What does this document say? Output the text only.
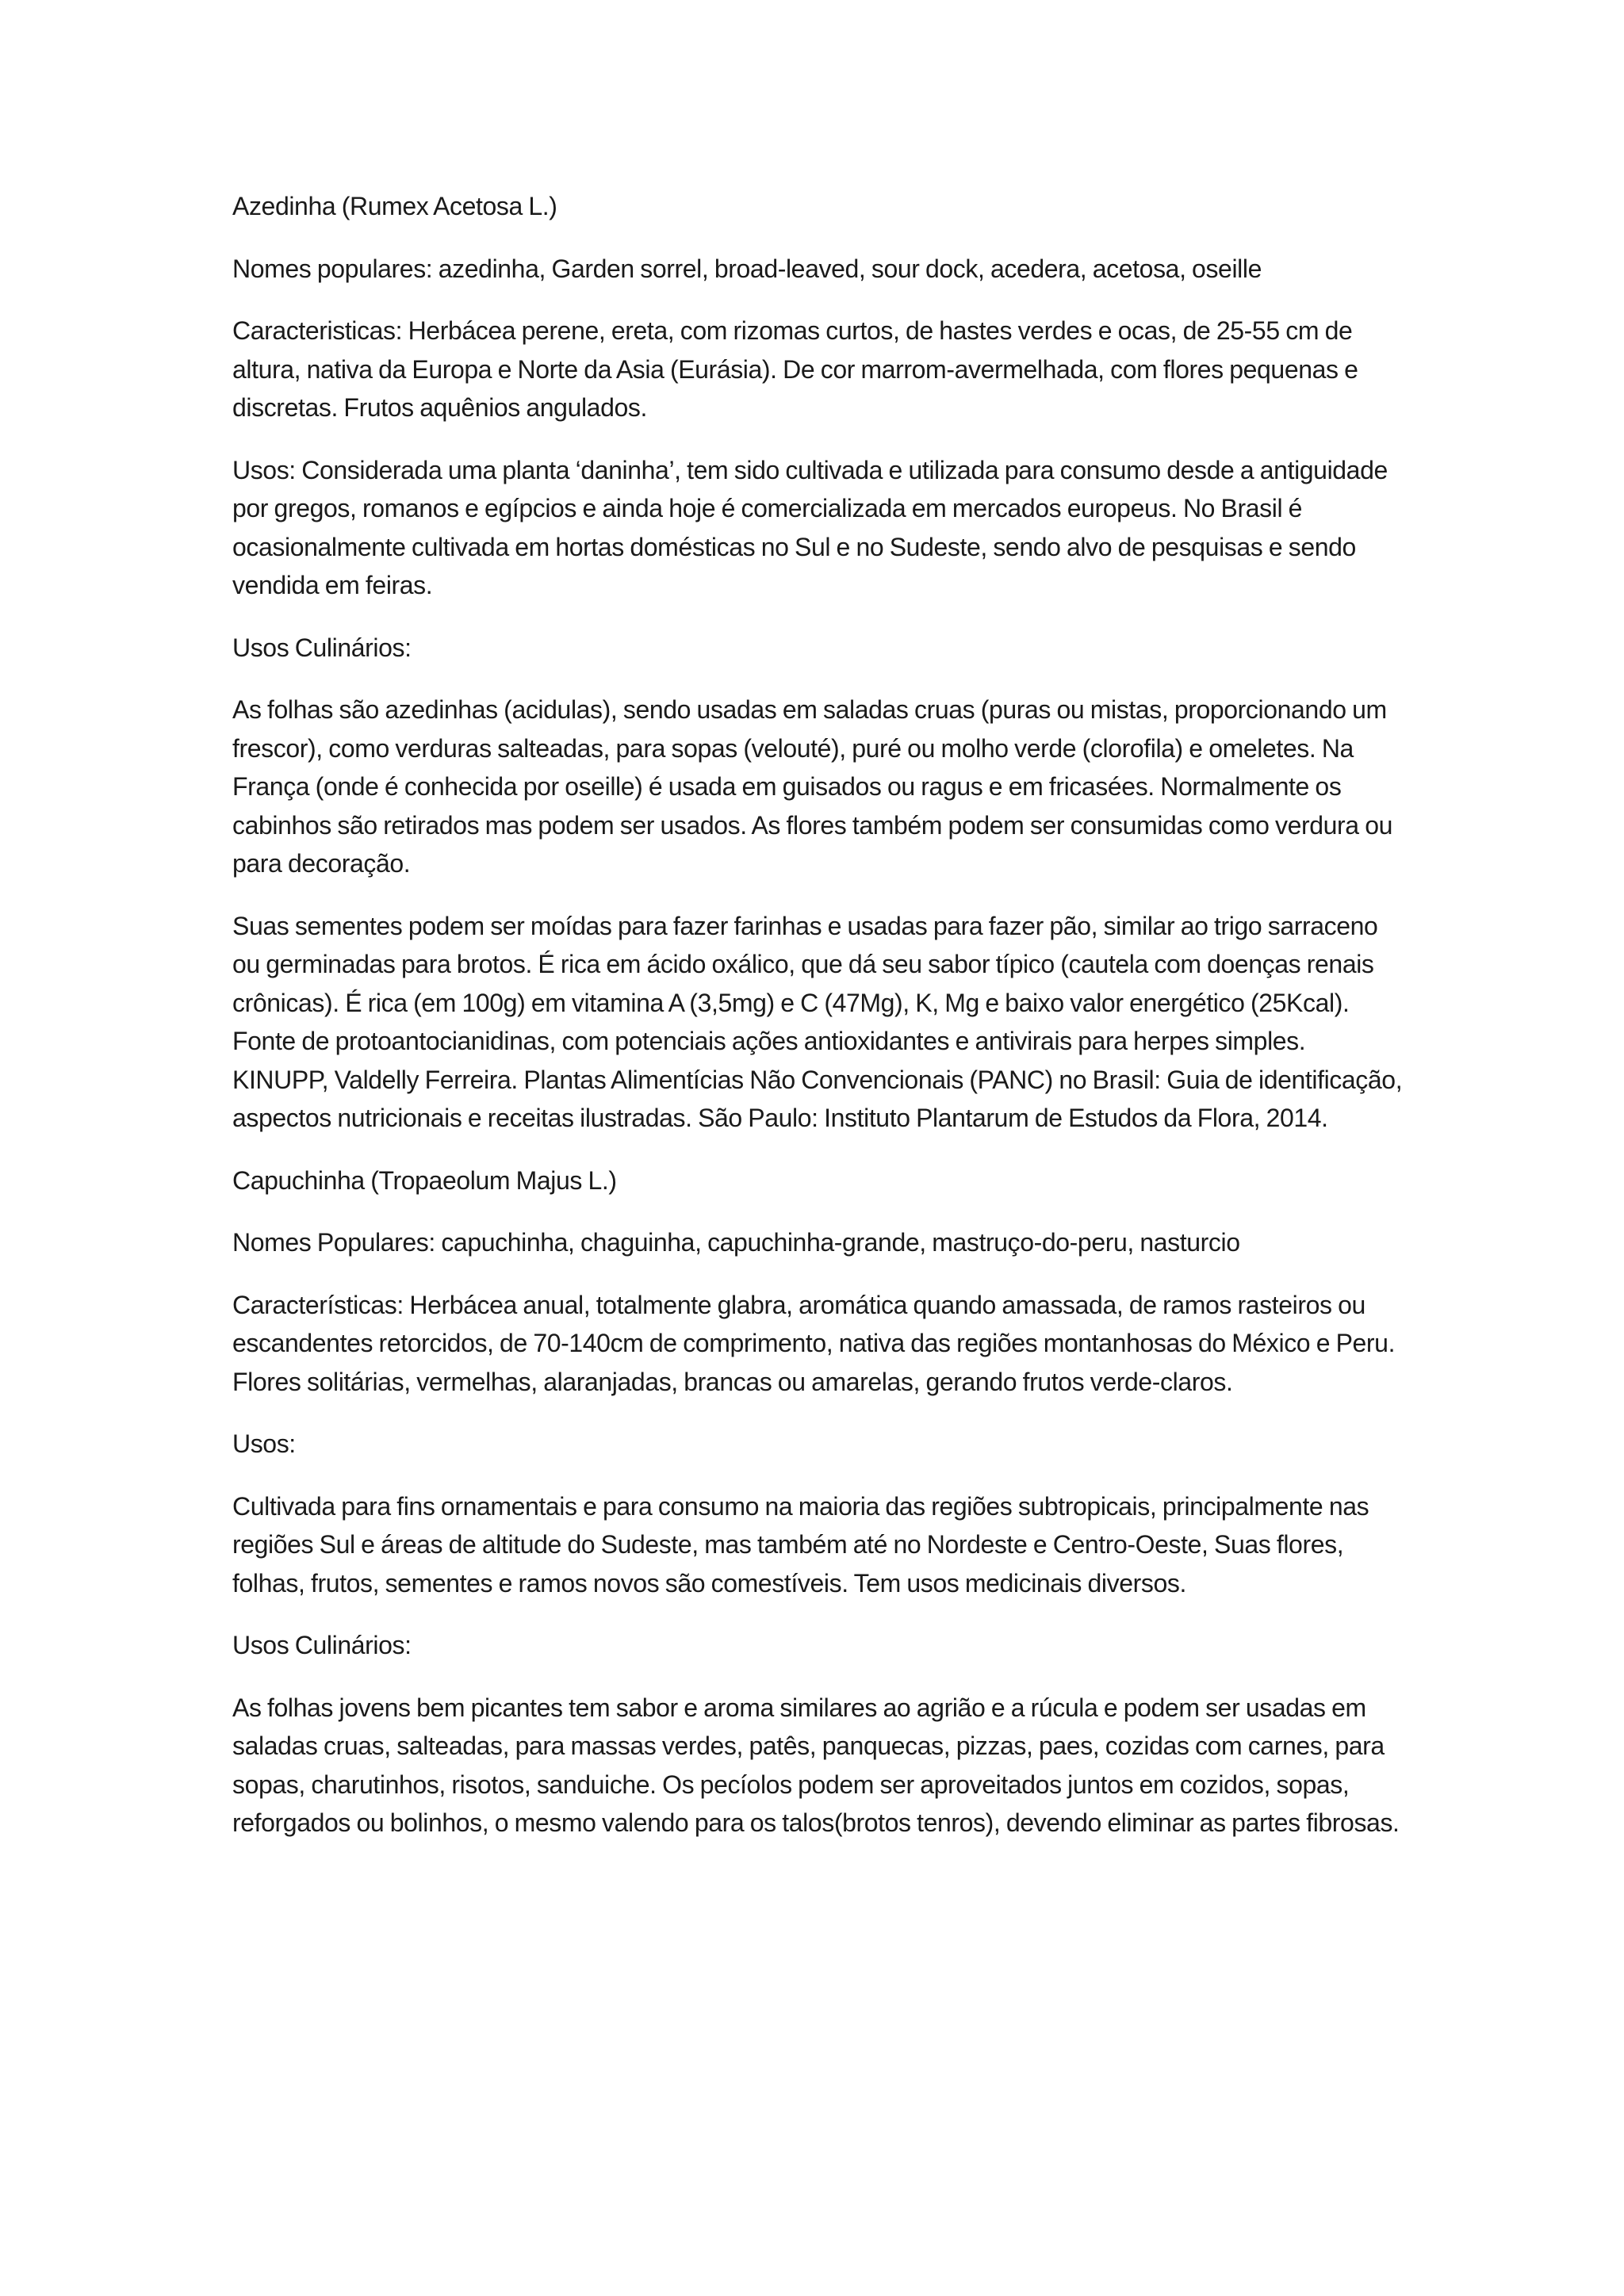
Azedinha (Rumex Acetosa L.)

Nomes populares: azedinha, Garden sorrel, broad-leaved, sour dock, acedera, acetosa, oseille

Caracteristicas: Herbácea perene, ereta, com rizomas curtos, de hastes verdes e ocas, de 25-55 cm de altura, nativa da Europa e Norte da Asia (Eurásia). De cor marrom-avermelhada, com flores pequenas e discretas. Frutos aquênios angulados.

Usos: Considerada uma planta ‘daninha’, tem sido cultivada e utilizada para consumo desde a antiguidade por gregos, romanos e egípcios e ainda hoje é comercializada em mercados europeus. No Brasil é ocasionalmente cultivada em hortas domésticas no Sul e no Sudeste, sendo alvo de pesquisas e sendo vendida em feiras.

Usos Culinários:

As folhas são azedinhas (acidulas), sendo usadas em saladas cruas (puras ou mistas, proporcionando um frescor), como verduras salteadas, para sopas (velouté), puré ou molho verde (clorofila) e omeletes. Na França (onde é conhecida por oseille) é usada em guisados ou ragus e em fricasées. Normalmente os cabinhos são retirados mas podem ser usados. As flores também podem ser consumidas como verdura ou para decoração.

Suas sementes podem ser moídas para fazer farinhas e usadas para fazer pão, similar ao trigo sarraceno ou germinadas para brotos. É rica em ácido oxálico, que dá seu sabor típico (cautela com doenças renais crônicas). É rica (em 100g) em vitamina A (3,5mg) e C (47Mg), K, Mg e baixo valor energético (25Kcal). Fonte de protoantocianidinas, com potenciais ações antioxidantes e antivirais para herpes simples. KINUPP, Valdelly Ferreira. Plantas Alimentícias Não Convencionais (PANC) no Brasil: Guia de identificação, aspectos nutricionais e receitas ilustradas. São Paulo: Instituto Plantarum de Estudos da Flora, 2014.

Capuchinha (Tropaeolum Majus L.)

Nomes Populares: capuchinha, chaguinha, capuchinha-grande, mastruço-do-peru, nasturcio

Características: Herbácea anual, totalmente glabra, aromática quando amassada, de ramos rasteiros ou escandentes retorcidos, de 70-140cm de comprimento, nativa das regiões montanhosas do México e Peru. Flores solitárias, vermelhas, alaranjadas, brancas ou amarelas, gerando frutos verde-claros.

Usos:

Cultivada para fins ornamentais e para consumo na maioria das regiões subtropicais, principalmente nas regiões Sul e áreas de altitude do Sudeste, mas também até no Nordeste e Centro-Oeste, Suas flores, folhas, frutos, sementes e ramos novos são comestíveis. Tem usos medicinais diversos.

Usos Culinários:

As folhas jovens bem picantes tem sabor e aroma similares ao agrião e a rúcula e podem ser usadas em saladas cruas, salteadas, para massas verdes, patês, panquecas, pizzas, paes, cozidas com carnes, para sopas, charutinhos, risotos, sanduiche. Os pecíolos podem ser aproveitados juntos em cozidos, sopas, reforgados ou bolinhos, o mesmo valendo para os talos(brotos tenros), devendo eliminar as partes fibrosas.
